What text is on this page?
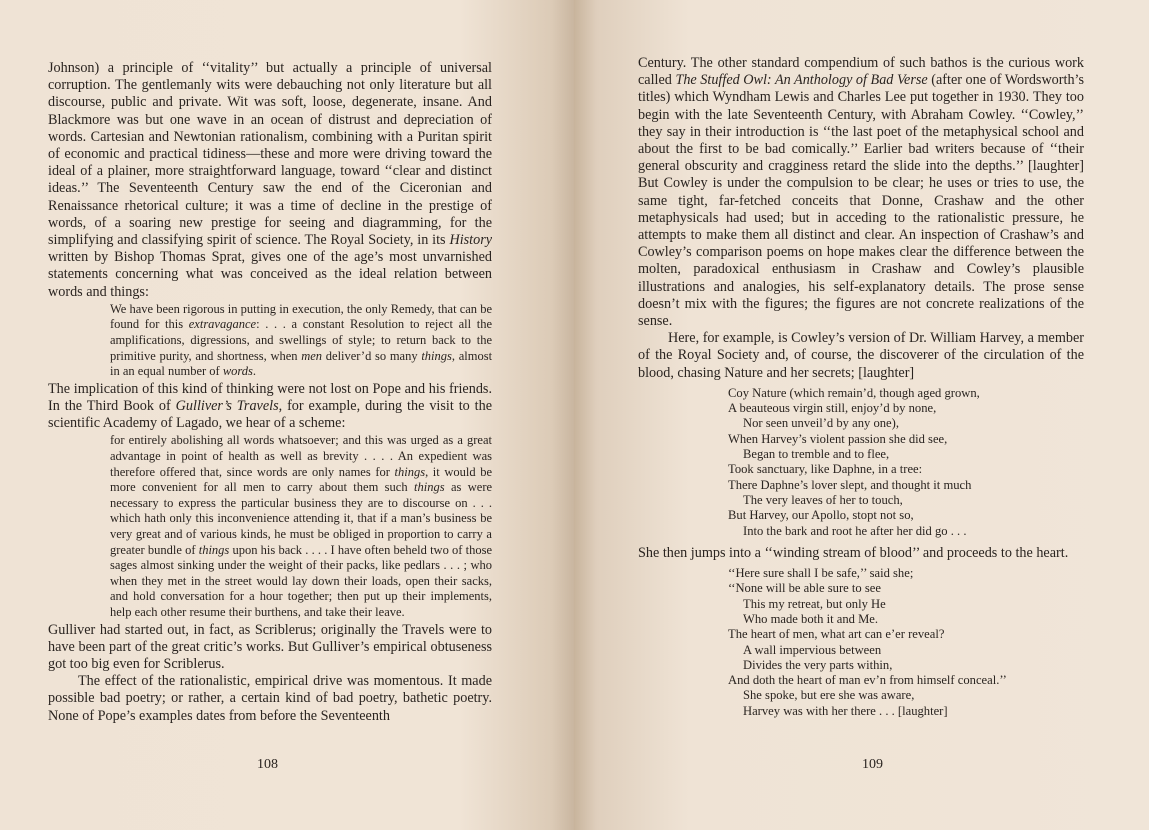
Johnson) a principle of ‘‘vitality’’ but actually a principle of universal corruption. The gentlemanly wits were debauching not only literature but all discourse, public and private. Wit was soft, loose, degenerate, insane. And Blackmore was but one wave in an ocean of distrust and depreciation of words. Cartesian and Newtonian rationalism, combining with a Puritan spirit of economic and practical tidiness—these and more were driving toward the ideal of a plainer, more straightforward language, toward ‘‘clear and distinct ideas.’’ The Seventeenth Century saw the end of the Ciceronian and Renaissance rhetorical culture; it was a time of decline in the prestige of words, of a soaring new prestige for seeing and diagramming, for the simplifying and classifying spirit of science. The Royal Society, in its History written by Bishop Thomas Sprat, gives one of the age’s most unvarnished statements concerning what was conceived as the ideal relation between words and things:

We have been rigorous in putting in execution, the only Remedy, that can be found for this extravagance: . . . a constant Resolution to reject all the amplifications, digressions, and swellings of style; to return back to the primitive purity, and shortness, when men deliver’d so many things, almost in an equal number of words.

The implication of this kind of thinking were not lost on Pope and his friends. In the Third Book of Gulliver’s Travels, for example, during the visit to the scientific Academy of Lagado, we hear of a scheme:

for entirely abolishing all words whatsoever; and this was urged as a great advantage in point of health as well as brevity . . . . An expedient was therefore offered that, since words are only names for things, it would be more convenient for all men to carry about them such things as were necessary to express the particular business they are to discourse on . . . which hath only this inconvenience attending it, that if a man’s business be very great and of various kinds, he must be obliged in proportion to carry a greater bundle of things upon his back . . . . I have often beheld two of those sages almost sinking under the weight of their packs, like pedlars . . . ; who when they met in the street would lay down their loads, open their sacks, and hold conversation for a hour together; then put up their implements, help each other resume their burthens, and take their leave.

Gulliver had started out, in fact, as Scriblerus; originally the Travels were to have been part of the great critic’s works. But Gulliver’s empirical obtuseness got too big even for Scriblerus.

The effect of the rationalistic, empirical drive was momentous. It made possible bad poetry; or rather, a certain kind of bad poetry, bathetic poetry. None of Pope’s examples dates from before the Seventeenth

108

Century. The other standard compendium of such bathos is the curious work called The Stuffed Owl: An Anthology of Bad Verse (after one of Wordsworth’s titles) which Wyndham Lewis and Charles Lee put together in 1930. They too begin with the late Seventeenth Century, with Abraham Cowley. ‘‘Cowley,’’ they say in their introduction is ‘‘the last poet of the metaphysical school and about the first to be bad comically.’’ Earlier bad writers because of ‘‘their general obscurity and cragginess retard the slide into the depths.’’ [laughter] But Cowley is under the compulsion to be clear; he uses or tries to use, the same tight, far-fetched conceits that Donne, Crashaw and the other metaphysicals had used; but in acceding to the rationalistic pressure, he attempts to make them all distinct and clear. An inspection of Crashaw’s and Cowley’s comparison poems on hope makes clear the difference between the molten, paradoxical enthusiasm in Crashaw and Cowley’s plausible illustrations and analogies, his self-explanatory details. The prose sense doesn’t mix with the figures; the figures are not concrete realizations of the sense.

Here, for example, is Cowley’s version of Dr. William Harvey, a member of the Royal Society and, of course, the discoverer of the circulation of the blood, chasing Nature and her secrets; [laughter]

Coy Nature (which remain’d, though aged grown,
A beauteous virgin still, enjoy’d by none,
Nor seen unveil’d by any one),
When Harvey’s violent passion she did see,
Began to tremble and to flee,
Took sanctuary, like Daphne, in a tree:
There Daphne’s lover slept, and thought it much
The very leaves of her to touch,
But Harvey, our Apollo, stopt not so,
Into the bark and root he after her did go . . .

She then jumps into a ‘‘winding stream of blood’’ and proceeds to the heart.

‘‘Here sure shall I be safe,’’ said she;
‘‘None will be able sure to see
This my retreat, but only He
Who made both it and Me.
The heart of men, what art can e’er reveal?
A wall impervious between
Divides the very parts within,
And doth the heart of man ev’n from himself conceal.’’
She spoke, but ere she was aware,
Harvey was with her there . . . [laughter]
109
